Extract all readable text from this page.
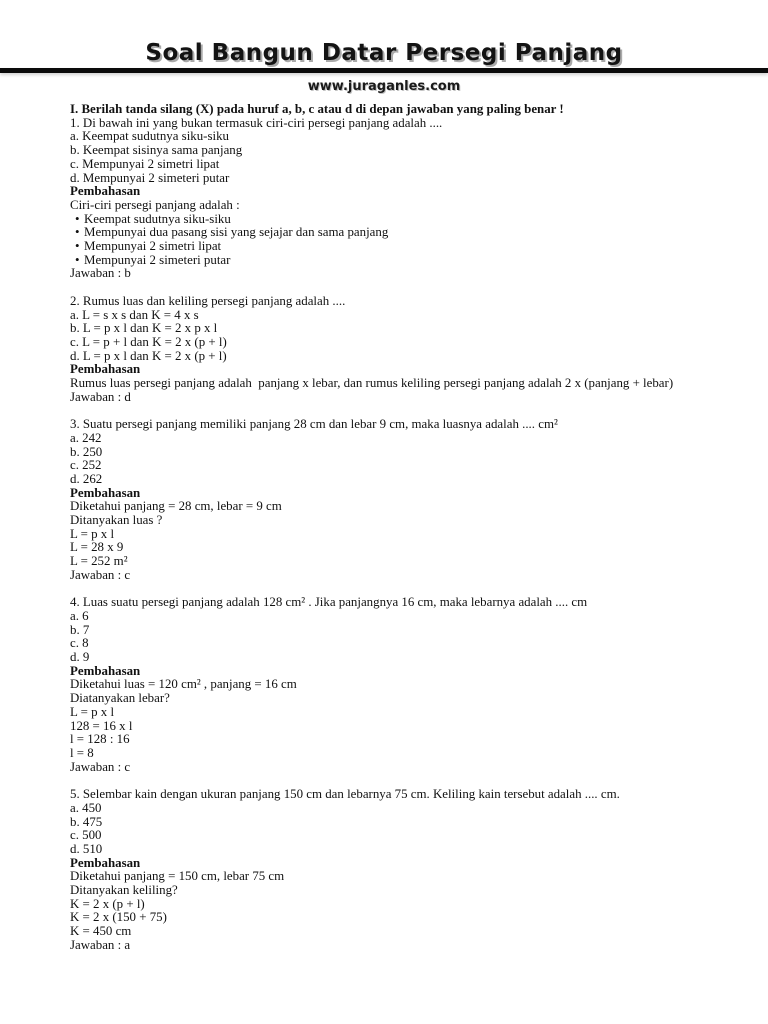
Soal Bangun Datar Persegi Panjang
www.juraganles.com

I. Berilah tanda silang (X) pada huruf a, b, c atau d di depan jawaban yang paling benar !

1. Di bawah ini yang bukan termasuk ciri-ciri persegi panjang adalah ....
a. Keempat sudutnya siku-siku
b. Keempat sisinya sama panjang
c. Mempunyai 2 simetri lipat
d. Mempunyai 2 simeteri putar
Pembahasan
Ciri-ciri persegi panjang adalah :
• Keempat sudutnya siku-siku
• Mempunyai dua pasang sisi yang sejajar dan sama panjang
• Mempunyai 2 simetri lipat
• Mempunyai 2 simeteri putar
Jawaban : b
2. Rumus luas dan keliling persegi panjang adalah ....
a. L = s x s dan K = 4 x s
b. L = p x l dan K = 2 x p x l
c. L = p + l dan K = 2 x (p + l)
d. L = p x l dan K = 2 x (p + l)
Pembahasan
Rumus luas persegi panjang adalah  panjang x lebar, dan rumus keliling persegi panjang adalah 2 x (panjang + lebar)
Jawaban : d
3. Suatu persegi panjang memiliki panjang 28 cm dan lebar 9 cm, maka luasnya adalah .... cm²
a. 242
b. 250
c. 252
d. 262
Pembahasan
Diketahui panjang = 28 cm, lebar = 9 cm
Ditanyakan luas ?
L = p x l
L = 28 x 9
L = 252 m²
Jawaban : c
4. Luas suatu persegi panjang adalah 128 cm² . Jika panjangnya 16 cm, maka lebarnya adalah .... cm
a. 6
b. 7
c. 8
d. 9
Pembahasan
Diketahui luas = 120 cm² , panjang = 16 cm
Diatanyakan lebar?
L = p x l
128 = 16 x l
l = 128 : 16
l = 8
Jawaban : c
5. Selembar kain dengan ukuran panjang 150 cm dan lebarnya 75 cm. Keliling kain tersebut adalah .... cm.
a. 450
b. 475
c. 500
d. 510
Pembahasan
Diketahui panjang = 150 cm, lebar 75 cm
Ditanyakan keliling?
K = 2 x (p + l)
K = 2 x (150 + 75)
K = 450 cm
Jawaban : a
